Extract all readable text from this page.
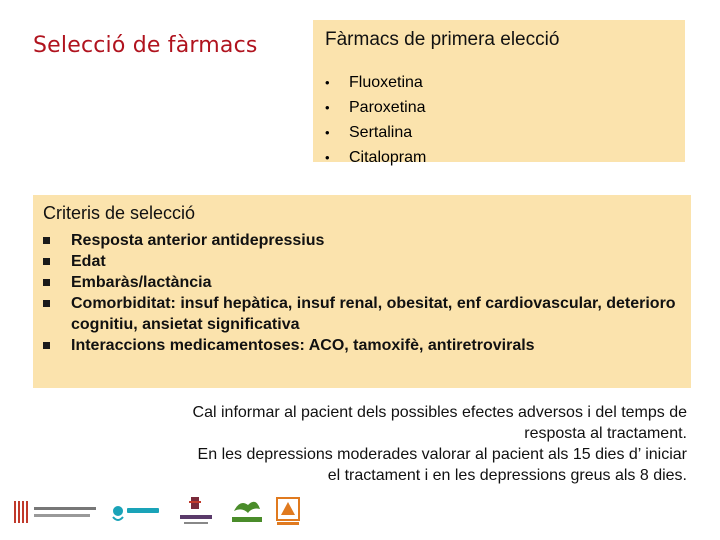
Selecció de fàrmacs	Fàrmacs de primera elecció
• Fluoxetina
• Paroxetina
• Sertalina
• Citalopram
Criteris de selecció
Resposta anterior antidepressius
Edat
Embaràs/lactància
Comorbiditat: insuf hepàtica, insuf renal, obesitat, enf cardiovascular, deterioro cognitiu, ansietat significativa
Interaccions medicamentoses: ACO, tamoxifè, antiretrovirals
Cal informar al pacient dels possibles efectes adversos i del temps de
resposta al tractament.
En les depressions moderades valorar al pacient als 15 dies d’ iniciar
el tractament i en les depressions greus als 8 dies.
